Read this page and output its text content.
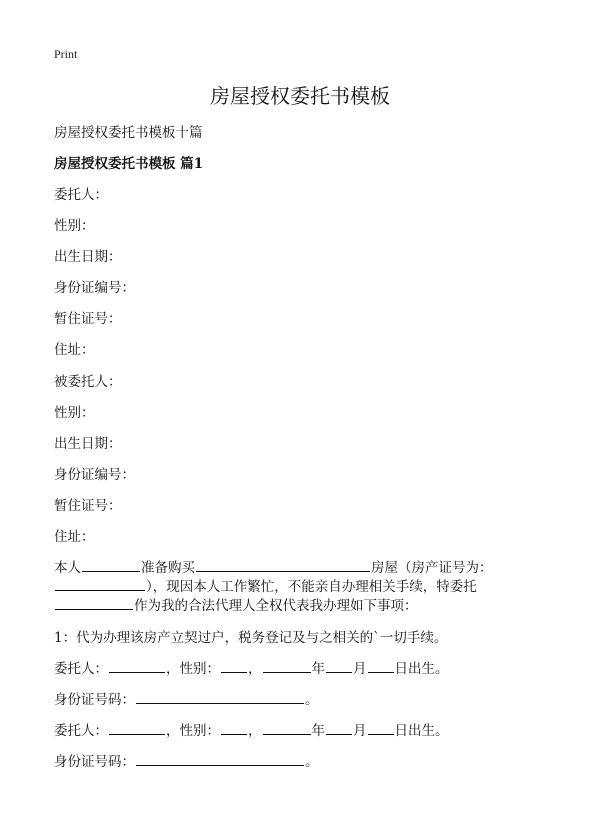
Print
房屋授权委托书模板
房屋授权委托书模板十篇
房屋授权委托书模板 篇1
委托人：
性别：
出生日期：
身份证编号：
暂住证号：
住址：
被委托人：
性别：
出生日期：
身份证编号：
暂住证号：
住址：
本人	准备购买	房屋（房产证号为：
），现因本人工作繁忙，不能亲自办理相关手续，特委托
作为我的合法代理人全权代表我办理如下事项：
1：代为办理该房产立契过户，税务登记及与之相关的`一切手续。
委托人：	，性别： ，	年 月 日出生。
身份证号码：	。
委托人：	，性别： ，	年 月 日出生。
身份证号码：	。
